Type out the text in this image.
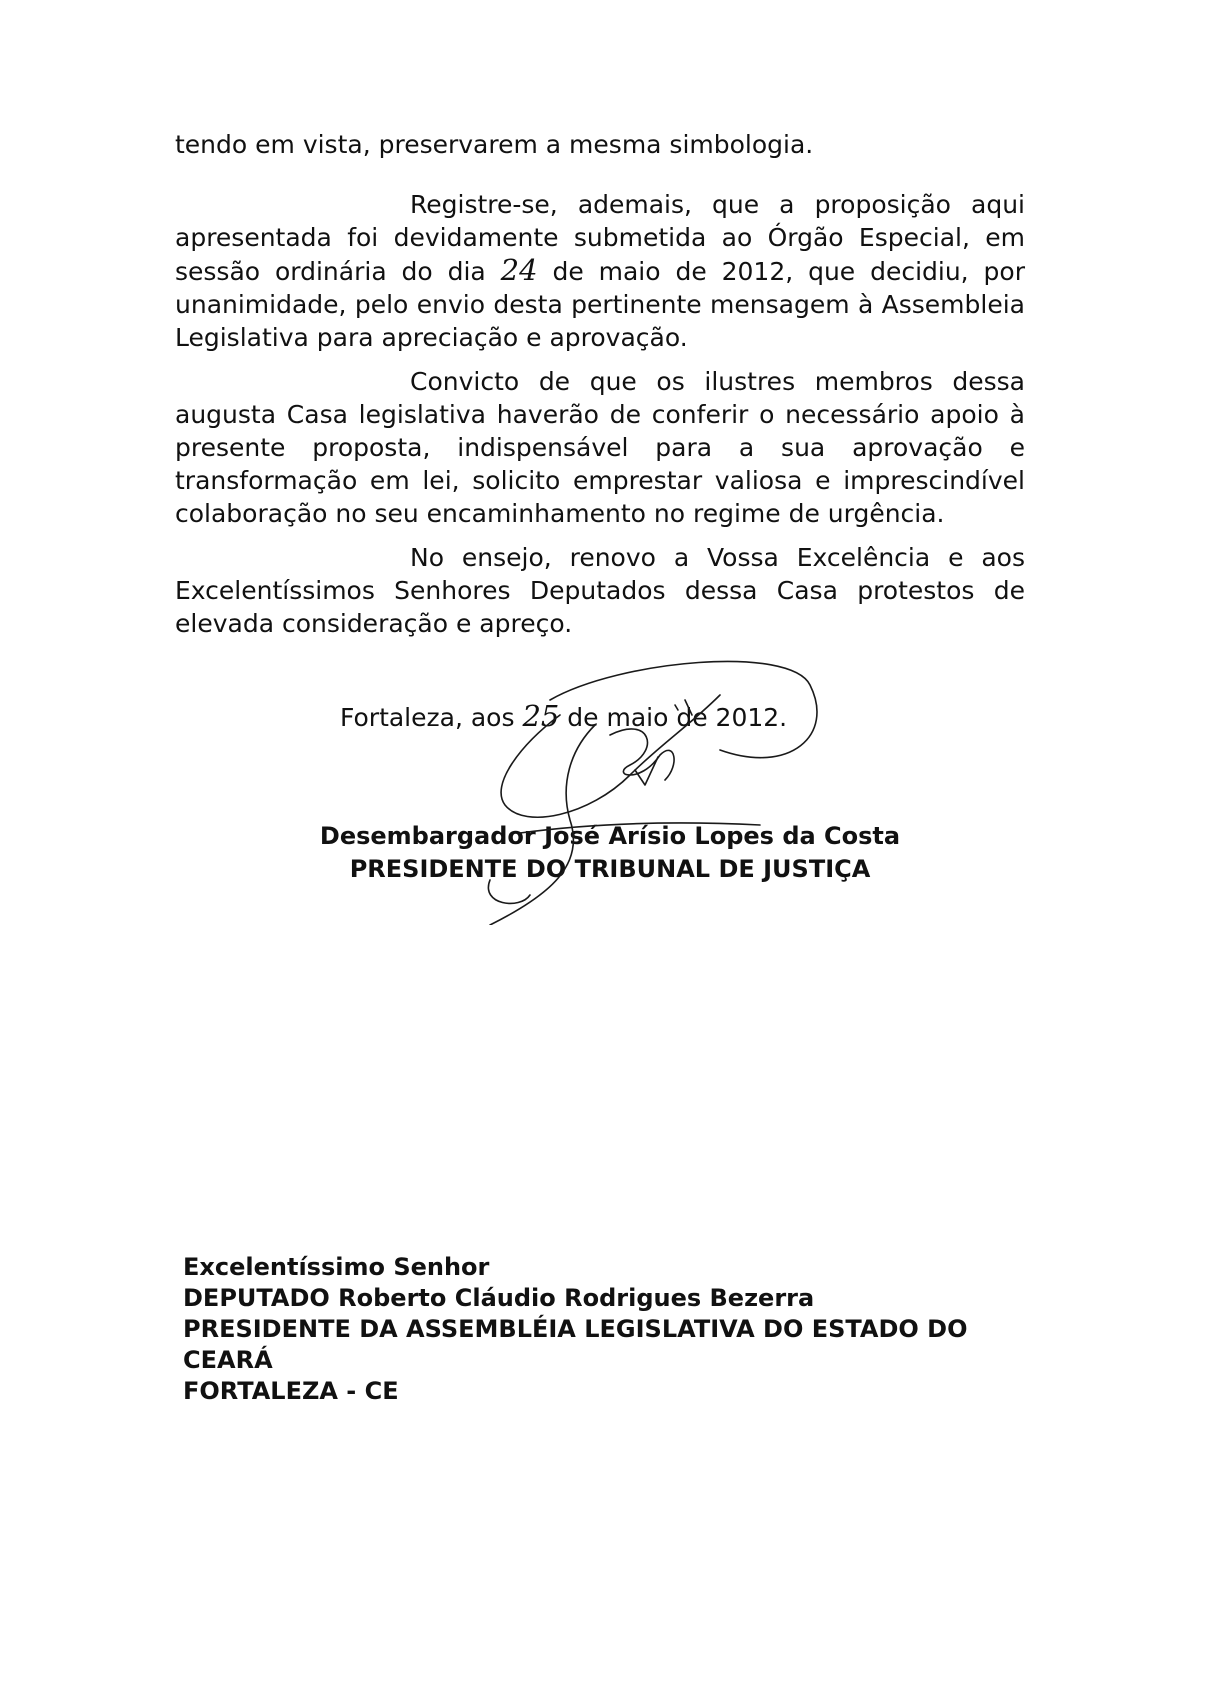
tendo em vista, preservarem a mesma simbologia.

Registre-se, ademais, que a proposição aqui apresentada foi devidamente submetida ao Órgão Especial, em sessão ordinária do dia 24 de maio de 2012, que decidiu, por unanimidade, pelo envio desta pertinente mensagem à Assembleia Legislativa para apreciação e aprovação.

Convicto de que os ilustres membros dessa augusta Casa legislativa haverão de conferir o necessário apoio à presente proposta, indispensável para a sua aprovação e transformação em lei, solicito emprestar valiosa e imprescindível colaboração no seu encaminhamento no regime de urgência.

No ensejo, renovo a Vossa Excelência e aos Excelentíssimos Senhores Deputados dessa Casa protestos de elevada consideração e apreço.

Fortaleza, aos 25 de maio de 2012.
Desembargador José Arísio Lopes da Costa
PRESIDENTE DO TRIBUNAL DE JUSTIÇA
Excelentíssimo Senhor
DEPUTADO Roberto Cláudio Rodrigues Bezerra
PRESIDENTE DA ASSEMBLÉIA LEGISLATIVA DO ESTADO DO
CEARÁ
FORTALEZA - CE
